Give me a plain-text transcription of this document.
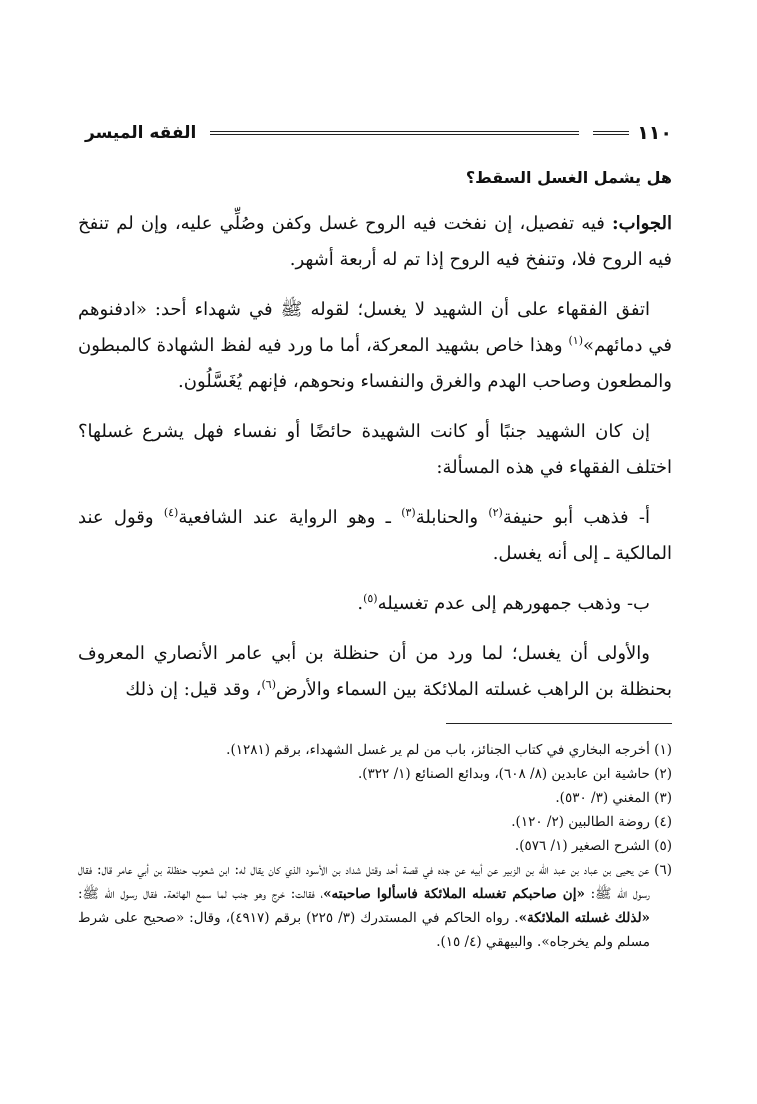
١١٠
الفقه الميسر
هل يشمل الغسل السقط؟

الجواب: فيه تفصيل، إن نفخت فيه الروح غسل وكفن وصُلِّي عليه، وإن لم تنفخ فيه الروح فلا، وتنفخ فيه الروح إذا تم له أربعة أشهر.

اتفق الفقهاء على أن الشهيد لا يغسل؛ لقوله ﷺ في شهداء أحد: «ادفنوهم في دمائهم»$^{(١)}$ وهذا خاص بشهيد المعركة، أما ما ورد فيه لفظ الشهادة كالمبطون والمطعون وصاحب الهدم والغرق والنفساء ونحوهم، فإنهم يُغَسَّلُون.

إن كان الشهيد جنبًا أو كانت الشهيدة حائضًا أو نفساء فهل يشرع غسلها؟ اختلف الفقهاء في هذه المسألة:

أ- فذهب أبو حنيفة$^{(٢)}$ والحنابلة$^{(٣)}$ ـ وهو الرواية عند الشافعية$^{(٤)}$ وقول عند المالكية ـ إلى أنه يغسل.

ب- وذهب جمهورهم إلى عدم تغسيله$^{(٥)}$.

والأولى أن يغسل؛ لما ورد من أن حنظلة بن أبي عامر الأنصاري المعروف بحنظلة بن الراهب غسلته الملائكة بين السماء والأرض$^{(٦)}$، وقد قيل: إن ذلك

(١) أخرجه البخاري في كتاب الجنائز، باب من لم ير غسل الشهداء، برقم (١٢٨١).

(٢) حاشية ابن عابدين (٨/ ٦٠٨)، وبدائع الصنائع (١/ ٣٢٢).

(٣) المغني (٣/ ٥٣٠).

(٤) روضة الطالبين (٢/ ١٢٠).

(٥) الشرح الصغير (١/ ٥٧٦).

(٦) عن يحيى بن عباد بن عبد الله بن الزبير عن أبيه عن جده في قصة أحد وقتل شداد بن الأسود الذي كان يقال له: ابن شعوب حنظلة بن أبي عامر قال: فقال رسول الله ﷺ: «إن صاحبكم تغسله الملائكة فاسألوا صاحبته»، فقالت: خرج وهو جنب لما سمع الهائعة. فقال رسول الله ﷺ: «لذلك غسلته الملائكة». رواه الحاكم في المستدرك (٣/ ٢٢٥) برقم (٤٩١٧)، وقال: «صحيح على شرط مسلم ولم يخرجاه». والبيهقي (٤/ ١٥).
